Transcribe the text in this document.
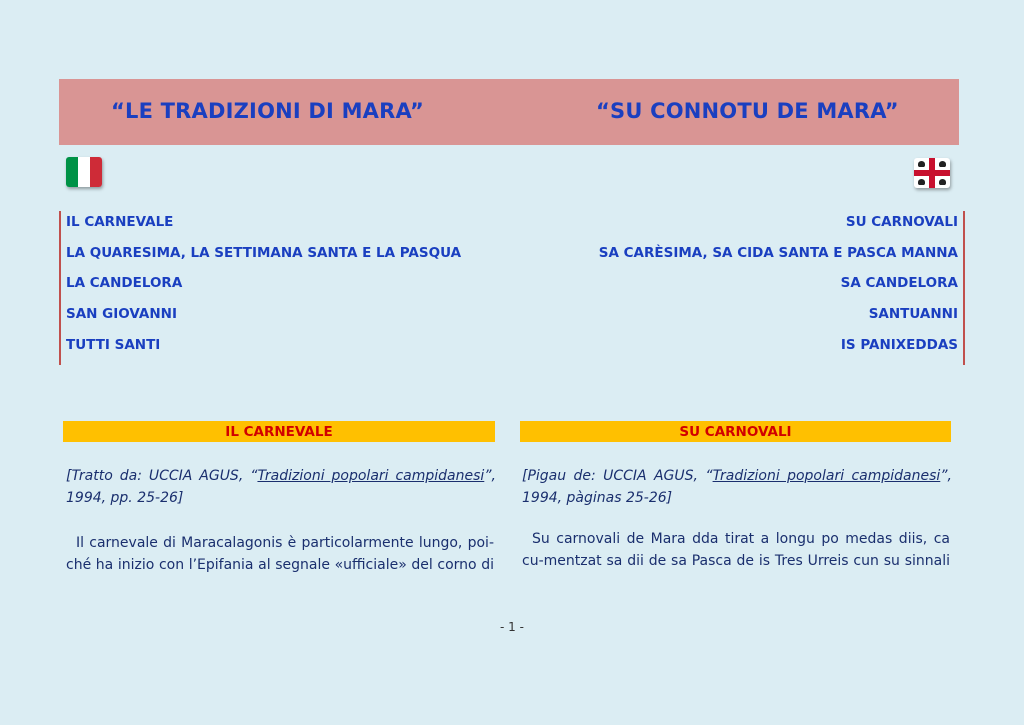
“LE TRADIZIONI DI MARA”	“SU CONNOTU DE MARA”
IL CARNEVALE
LA QUARESIMA, LA SETTIMANA SANTA E LA PASQUA
LA CANDELORA
SAN GIOVANNI
TUTTI SANTI
SU CARNOVALI
SA CARÈSIMA, SA CIDA SANTA E PASCA MANNA
SA CANDELORA
SANTUANNI
IS PANIXEDDAS
IL CARNEVALE	SU CARNOVALI
[Tratto da: UCCIA AGUS, “Tradizioni popolari campidanesi”, 1994, pp. 25-26]
[Pigau de: UCCIA AGUS, “Tradizioni popolari campidanesi”, 1994, pàginas 25-26]
Il carnevale di Maracalagonis è particolarmente lungo, poi-ché ha inizio con l’Epifania al segnale «ufficiale» del corno di
Su carnovali de Mara dda tirat a longu po medas diis, ca cu-mentzat sa dii de sa Pasca de is Tres Urreis cun su sinnali
- 1 -
